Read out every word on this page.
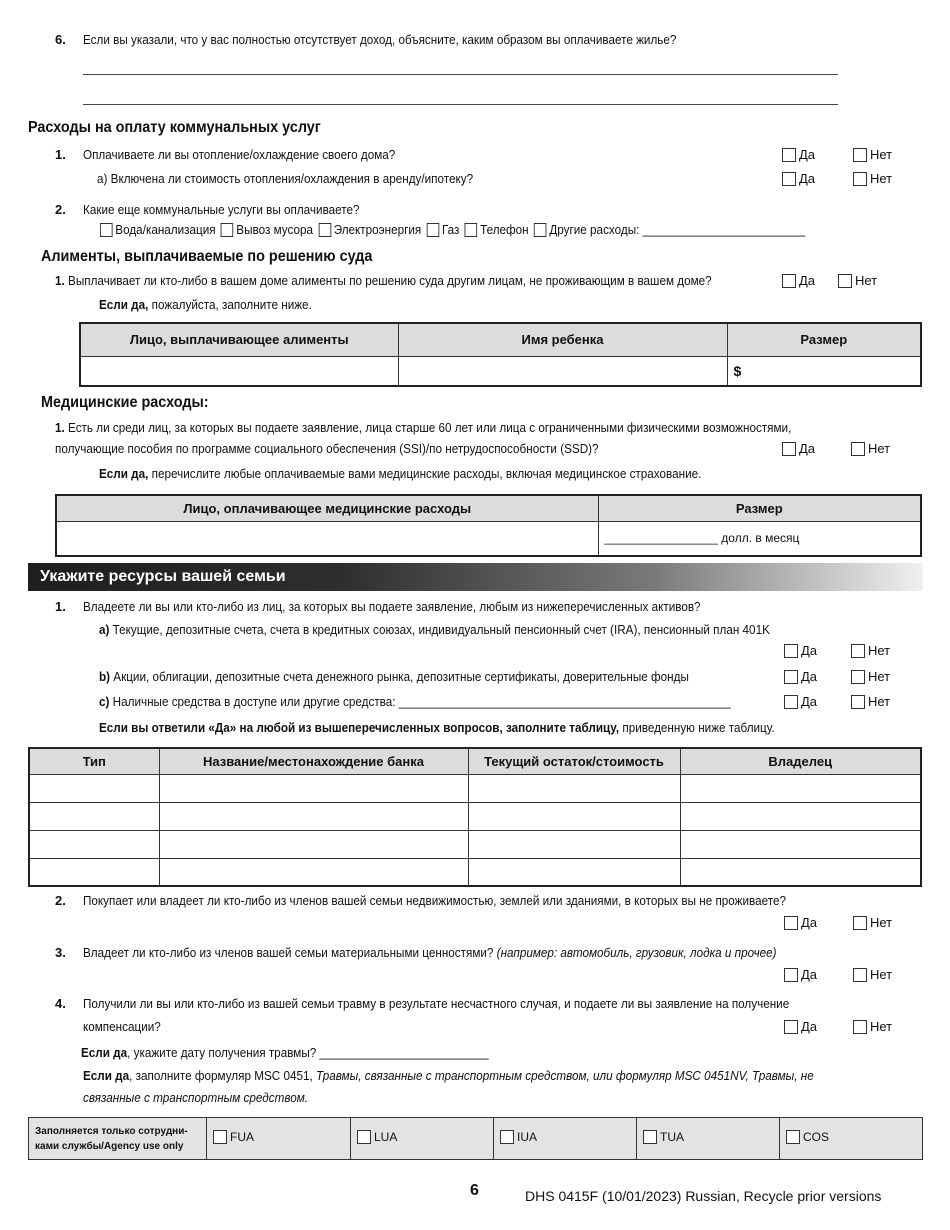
6. Если вы указали, что у вас полностью отсутствует доход, объясните, каким образом вы оплачиваете жилье?
Расходы на оплату коммунальных услуг
1. Оплачиваете ли вы отопление/охлаждение своего дома?	Да	Нет
а) Включена ли стоимость отопления/охлаждения в аренду/ипотеку?	Да	Нет
2. Какие еще коммунальные услуги вы оплачиваете?
Вода/канализация Вывоз мусора Электроэнергия Газ Телефон Другие расходы: _________________________
Алименты, выплачиваемые по решению суда
1. Выплачивает ли кто-либо в вашем доме алименты по решению суда другим лицам, не проживающим в вашем доме?	Да	Нет
Если да, пожалуйста, заполните ниже.
Лицо, выплачивающее алименты	Имя ребенка	Размер
		$
Медицинские расходы:
1. Есть ли среди лиц, за которых вы подаете заявление, лица старше 60 лет или лица с ограниченными физическими возможностями,
получающие пособия по программе социального обеспечения (SSI)/по нетрудоспособности (SSD)?	Да	Нет
Если да, перечислите любые оплачиваемые вами медицинские расходы, включая медицинское страхование.
Лицо, оплачивающее медицинские расходы	Размер
	_________________ долл. в месяц
Укажите ресурсы вашей семьи
1. Владеете ли вы или кто-либо из лиц, за которых вы подаете заявление, любым из нижеперечисленных активов?
а) Текущие, депозитные счета, счета в кредитных союзах, индивидуальный пенсионный счет (IRA), пенсионный план 401K
Да	Нет
b) Акции, облигации, депозитные счета денежного рынка, депозитные сертификаты, доверительные фонды	Да	Нет
c) Наличные средства в доступе или другие средства: ___________________________________________________	Да	Нет
Если вы ответили «Да» на любой из вышеперечисленных вопросов, заполните таблицу, приведенную ниже таблицу.
Тип	Название/местонахождение банка	Текущий остаток/стоимость	Владелец

2. Покупает или владеет ли кто-либо из членов вашей семьи недвижимостью, землей или зданиями, в которых вы не проживаете?
Да	Нет
3. Владеет ли кто-либо из членов вашей семьи материальными ценностями? (например: автомобиль, грузовик, лодка и прочее)
Да	Нет
4. Получили ли вы или кто-либо из вашей семьи травму в результате несчастного случая, и подаете ли вы заявление на получение
компенсации?	Да	Нет
Если да, укажите дату получения травмы? __________________________
Если да, заполните формуляр MSC 0451, Травмы, связанные с транспортным средством, или формуляр MSC 0451NV, Травмы, не
связанные с транспортным средством.
Заполняется только сотрудни-
ками службы/Agency use only

FUA	LUA	IUA	TUA	COS
6	DHS 0415F (10/01/2023) Russian, Recycle prior versions
